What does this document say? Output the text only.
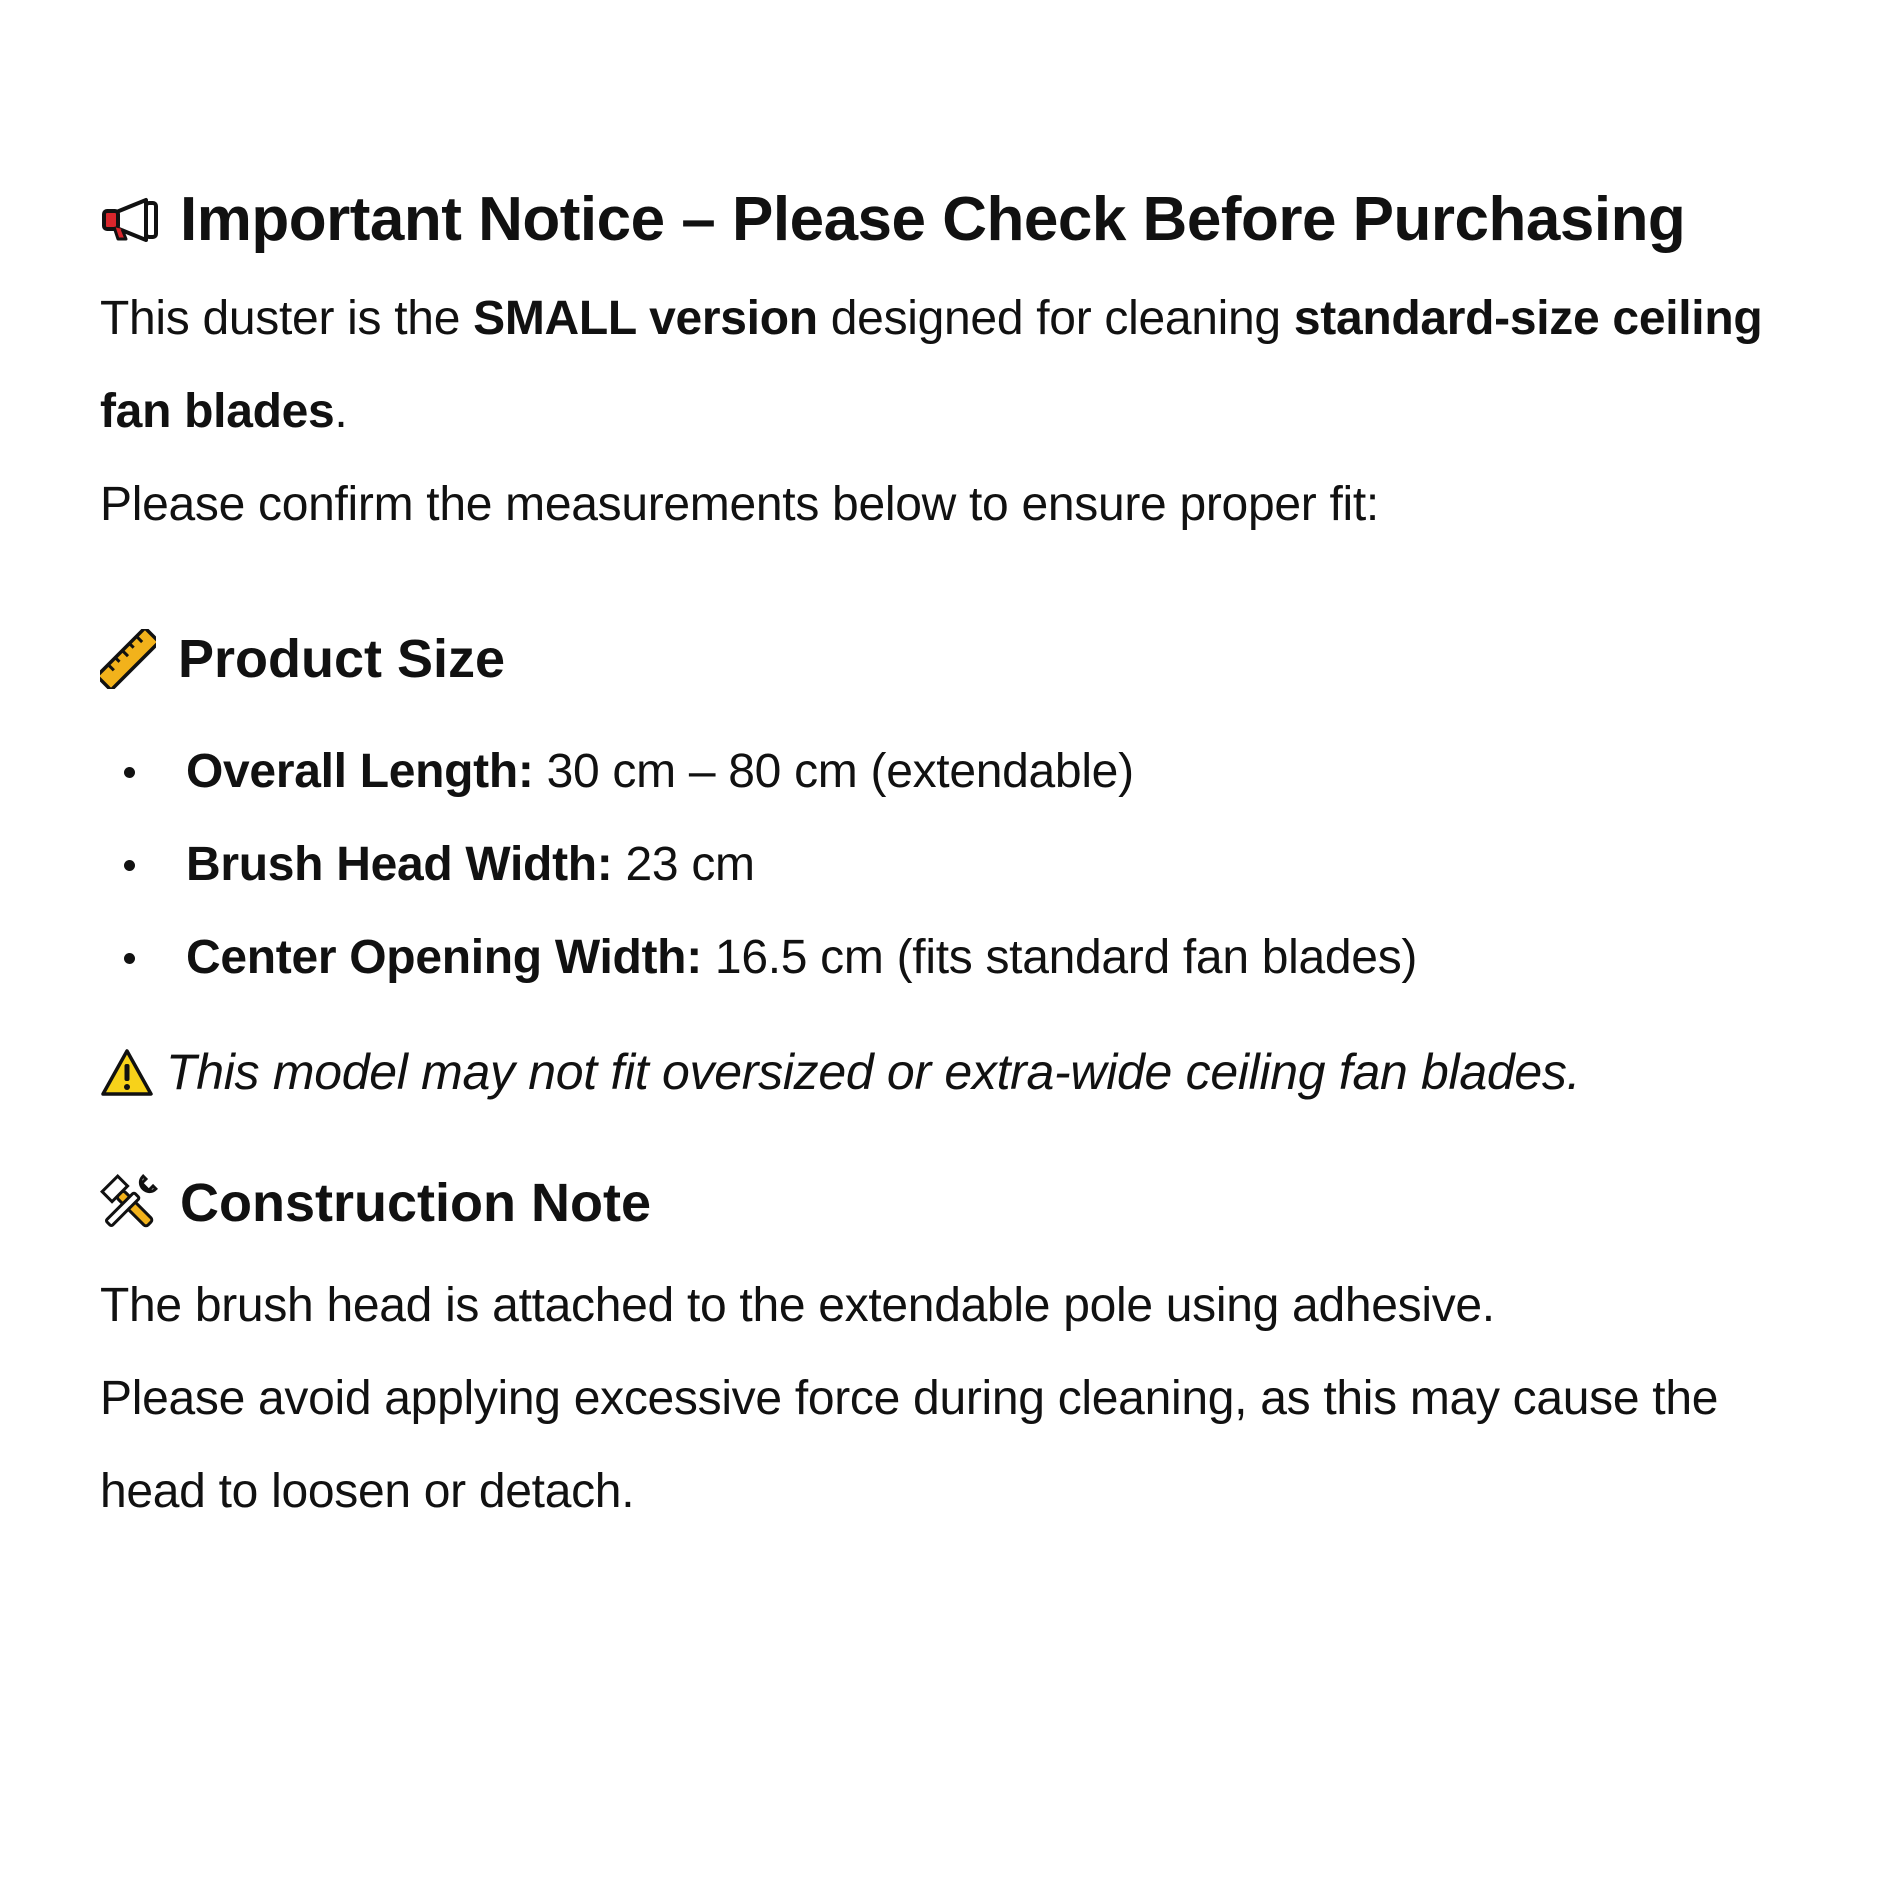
Important Notice – Please Check Before Purchasing

This duster is the SMALL version designed for cleaning standard-size ceiling fan blades.

Please confirm the measurements below to ensure proper fit:

Product Size
Overall Length: 30 cm – 80 cm (extendable)
Brush Head Width: 23 cm
Center Opening Width: 16.5 cm (fits standard fan blades)
This model may not fit oversized or extra-wide ceiling fan blades.
Construction Note

The brush head is attached to the extendable pole using adhesive.

Please avoid applying excessive force during cleaning, as this may cause the head to loosen or detach.
